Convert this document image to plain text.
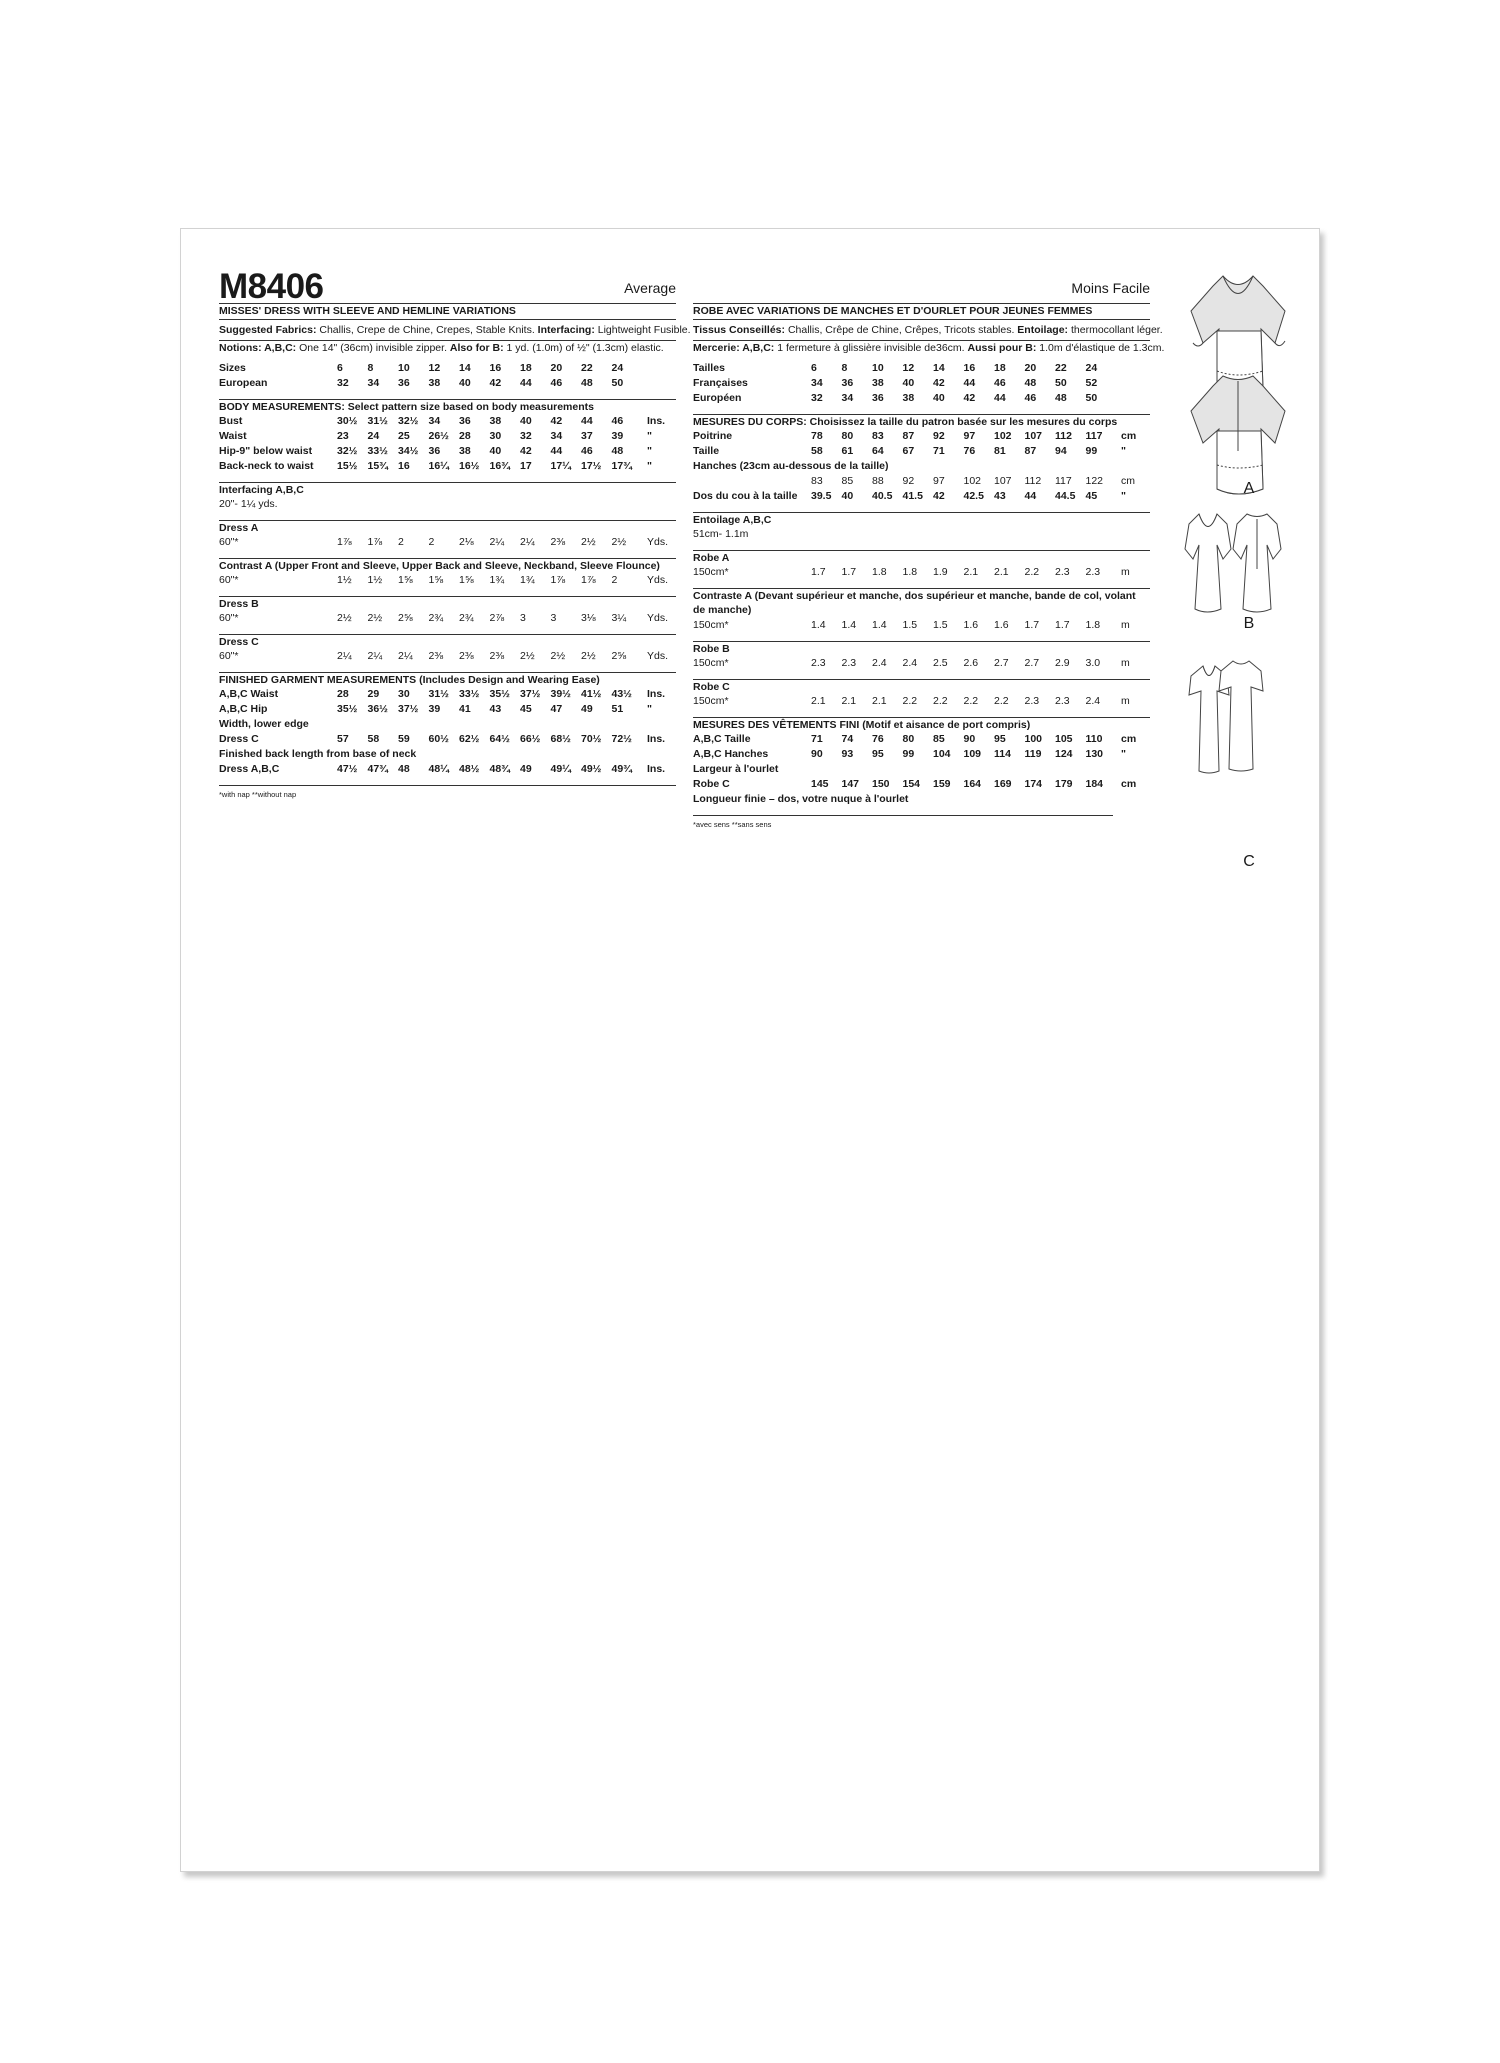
M8406	Average
MISSES' DRESS WITH SLEEVE AND HEMLINE VARIATIONS
Suggested Fabrics: Challis, Crepe de Chine, Crepes, Stable Knits. Interfacing: Lightweight Fusible.
Notions: A,B,C: One 14" (36cm) invisible zipper. Also for B: 1 yd. (1.0m) of ½" (1.3cm) elastic.
Sizes	6 8 10 12 14 16 18 20 22 24
European	32 34 36 38 40 42 44 46 48 50
BODY MEASUREMENTS: Select pattern size based on body measurements
Bust	30½ 31½ 32½ 34 36 38 40 42 44 46 Ins.
Waist	23 24 25 26½ 28 30 32 34 37 39 "
Hip-9" below waist 32½ 33½ 34½ 36 38 40 42 44 46 48 "
Back-neck to waist 15½ 15¾ 16 16¼ 16½ 16¾ 17 17¼ 17½ 17¾ "
Interfacing A,B,C
20"- 1¼ yds.
Dress A
60"*	1⅞ 1⅞ 2 2 2⅛ 2¼ 2¼ 2⅜ 2½ 2½ Yds.
Contrast A (Upper Front and Sleeve, Upper Back and Sleeve, Neckband, Sleeve Flounce)
60"*	1½ 1½ 1⅝ 1⅝ 1⅝ 1¾ 1¾ 1⅞ 1⅞ 2	Yds.
Dress B
60"*	2½ 2½ 2⅝ 2¾ 2¾ 2⅞ 3 3 3⅛ 3¼ Yds.
Dress C
60"*	2¼ 2¼ 2¼ 2⅜ 2⅜ 2⅜ 2½ 2½ 2½ 2⅝ Yds.
FINISHED GARMENT MEASUREMENTS (Includes Design and Wearing Ease)
A,B,C Waist	28 29 30 31½ 33½ 35½ 37½ 39½ 41½ 43½ Ins.
A,B,C Hip	35½ 36½ 37½ 39 41 43 45 47 49 51 "
Width, lower edge
Dress C	57 58 59 60½ 62½ 64½ 66½ 68½ 70½ 72½ Ins.
Finished back length from base of neck
Dress A,B,C	47½ 47¾ 48 48¼ 48½ 48¾ 49 49¼ 49½ 49¾ Ins.
*with nap **without nap
Moins Facile
ROBE AVEC VARIATIONS DE MANCHES ET D'OURLET POUR JEUNES FEMMES
Tissus Conseillés: Challis, Crêpe de Chine, Crêpes, Tricots stables. Entoilage: thermocollant léger.
Mercerie: A,B,C: 1 fermeture à glissière invisible de36cm. Aussi pour B: 1.0m d'élastique de 1.3cm.
Tailles	6 8 10 12 14 16 18 20 22 24
Françaises	34 36 38 40 42 44 46 48 50 52
Européen	32 34 36 38 40 42 44 46 48 50
MESURES DU CORPS: Choisissez la taille du patron basée sur les mesures du corps
Poitrine	78 80 83 87 92 97 102 107 112 117 cm
Taille	58 61 64 67 71 76 81 87 94 99 "
Hanches (23cm au-dessous de la taille)
83 85 88 92 97 102 107 112 117 122 cm
Dos du cou à la taille 39.5 40 40.5 41.5 42 42.5 43 44 44.5 45 "
Entoilage A,B,C
51cm- 1.1m
Robe A
150cm*	1.7 1.7 1.8 1.8 1.9 2.1 2.1 2.2 2.3 2.3 m
Contraste A (Devant supérieur et manche, dos supérieur et manche, bande de col, volant
de manche)
150cm*	1.4 1.4 1.4 1.5 1.5 1.6 1.6 1.7 1.7 1.8 m
Robe B
150cm*	2.3 2.3 2.4 2.4 2.5 2.6 2.7 2.7 2.9 3.0 m
Robe C
150cm*	2.1 2.1 2.1 2.2 2.2 2.2 2.2 2.3 2.3 2.4 m
MESURES DES VÊTEMENTS FINI (Motif et aisance de port compris)
A,B,C Taille	71 74 76 80 85 90 95 100 105 110 cm
A,B,C Hanches	90 93 95 99 104 109 114 119 124 130 "
Largeur à l'ourlet
Robe C	145 147 150 154 159 164 169 174 179 184 cm
Longueur finie – dos, votre nuque à l'ourlet
*avec sens **sans sens
A
B
C
